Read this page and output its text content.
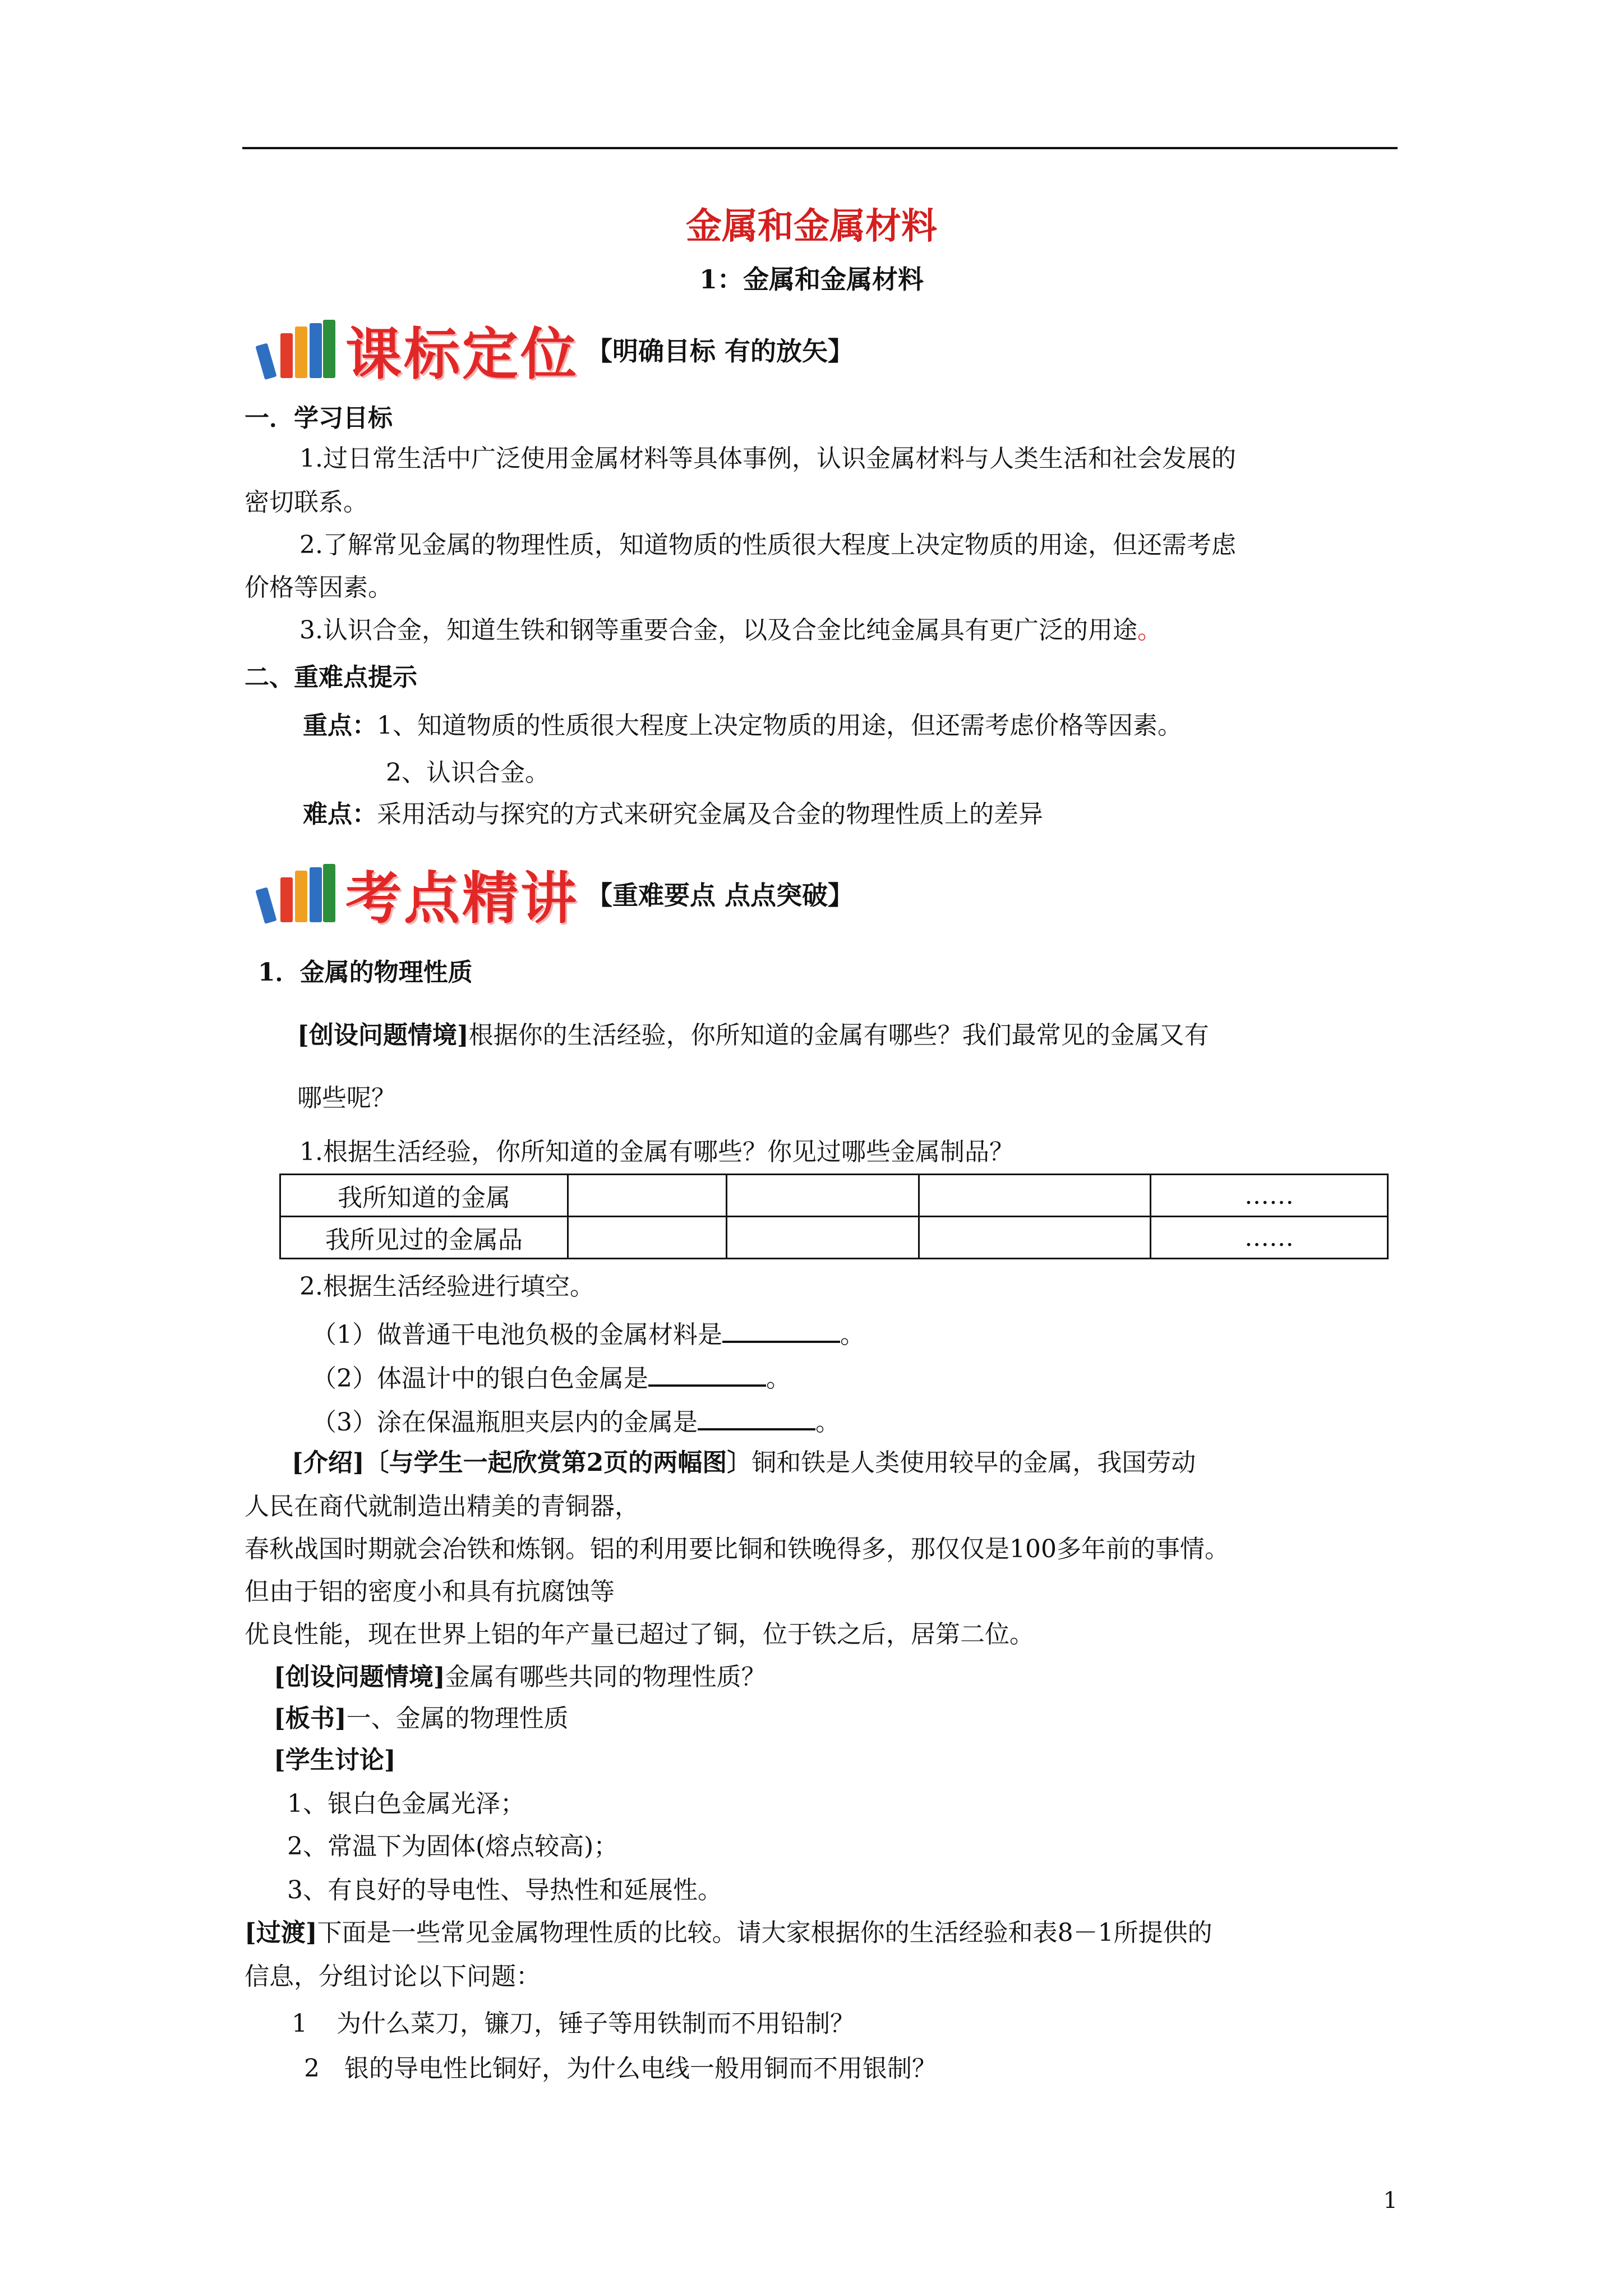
金属和金属材料
1：金属和金属材料
课标定位 【明确目标 有的放矢】
一．学习目标
1.过日常生活中广泛使用金属材料等具体事例，认识金属材料与人类生活和社会发展的
密切联系。
2.了解常见金属的物理性质，知道物质的性质很大程度上决定物质的用途，但还需考虑
价格等因素。
3.认识合金，知道生铁和钢等重要合金，以及合金比纯金属具有更广泛的用途。
二、重难点提示
重点：1、知道物质的性质很大程度上决定物质的用途，但还需考虑价格等因素。
2、认识合金。
难点：采用活动与探究的方式来研究金属及合金的物理性质上的差异
考点精讲 【重难要点 点点突破】
1．金属的物理性质
[创设问题情境]根据你的生活经验，你所知道的金属有哪些？我们最常见的金属又有
哪些呢？
1.根据生活经验，你所知道的金属有哪些？你见过哪些金属制品？
我所知道的金属				……
我所见过的金属品				……
2.根据生活经验进行填空。
（1）做普通干电池负极的金属材料是	。
（2）体温计中的银白色金属是	。
（3）涂在保温瓶胆夹层内的金属是	。
[介绍]〔与学生一起欣赏第2页的两幅图〕铜和铁是人类使用较早的金属，我国劳动
人民在商代就制造出精美的青铜器，
春秋战国时期就会冶铁和炼钢。铝的利用要比铜和铁晚得多，那仅仅是100多年前的事情。
但由于铝的密度小和具有抗腐蚀等
优良性能，现在世界上铝的年产量已超过了铜，位于铁之后，居第二位。
[创设问题情境]金属有哪些共同的物理性质？
[板书]一、金属的物理性质
[学生讨论]
1、银白色金属光泽；
2、常温下为固体(熔点较高)；
3、有良好的导电性、导热性和延展性。
[过渡]下面是一些常见金属物理性质的比较。请大家根据你的生活经验和表8－1所提供的
信息，分组讨论以下问题：
1 为什么菜刀，镰刀，锤子等用铁制而不用铅制？
2 银的导电性比铜好，为什么电线一般用铜而不用银制？
1
